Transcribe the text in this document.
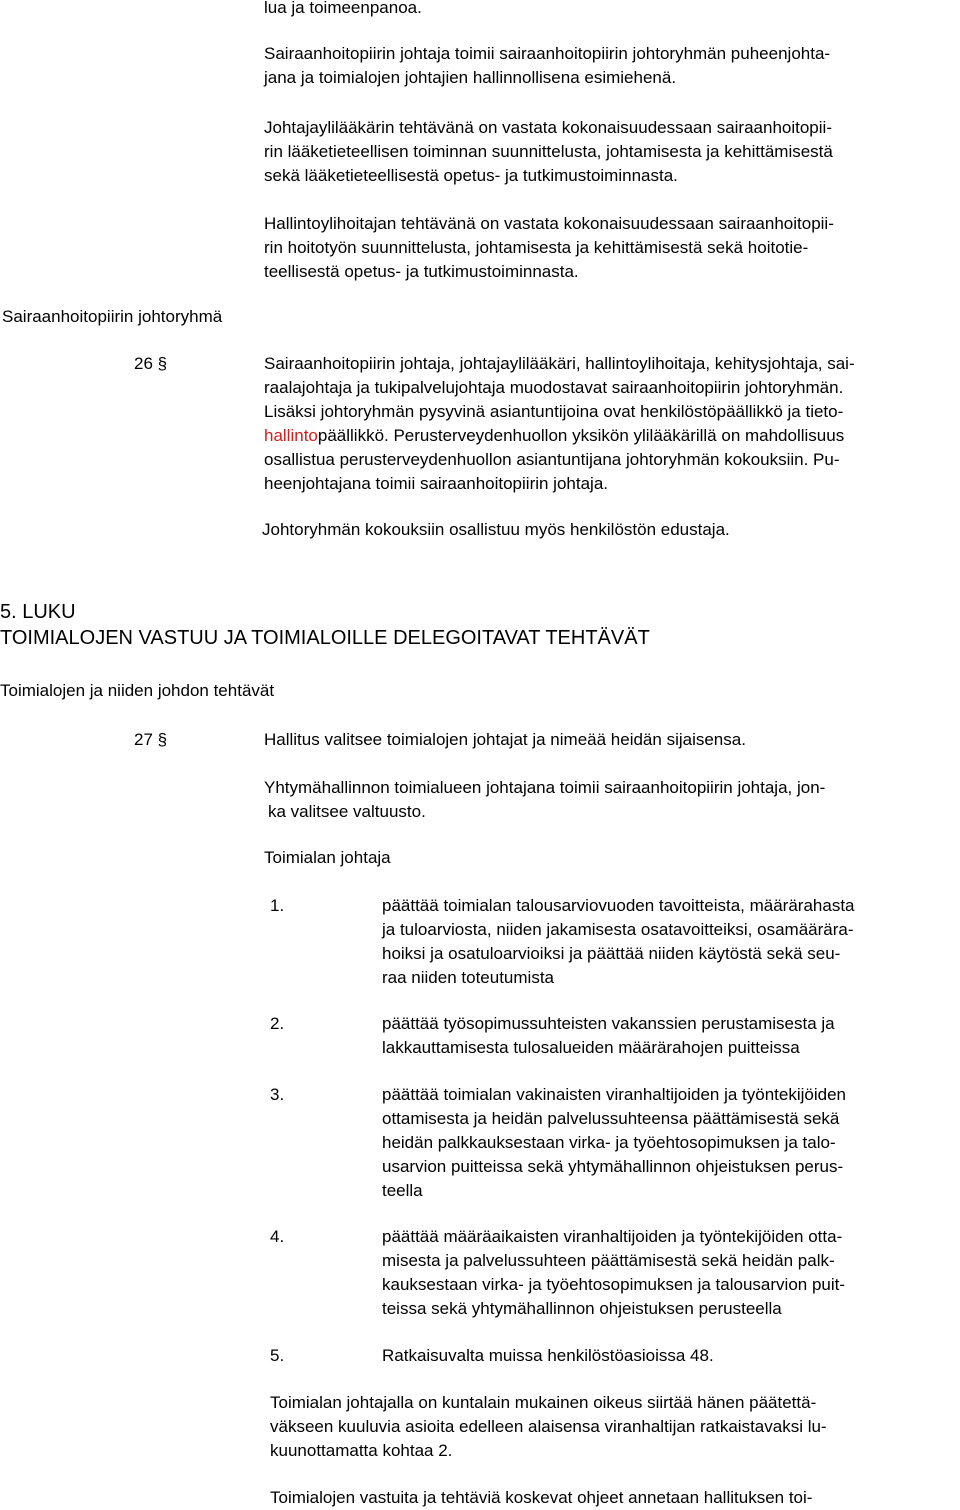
lua ja toimeenpanoa.
Sairaanhoitopiirin johtaja toimii sairaanhoitopiirin johtoryhmän puheenjohta-
jana ja toimialojen johtajien hallinnollisena esimiehenä.
Johtajaylilääkärin tehtävänä on vastata kokonaisuudessaan sairaanhoitopii-
rin lääketieteellisen toiminnan suunnittelusta, johtamisesta ja kehittämisestä
sekä lääketieteellisestä opetus- ja tutkimustoiminnasta.
Hallintoylihoitajan tehtävänä on vastata kokonaisuudessaan sairaanhoitopii-
rin hoitotyön suunnittelusta, johtamisesta ja kehittämisestä sekä hoitotie-
teellisestä opetus- ja tutkimustoiminnasta.
Sairaanhoitopiirin johtoryhmä
26 §	Sairaanhoitopiirin johtaja, johtajaylilääkäri, hallintoylihoitaja, kehitysjohtaja, sai-
raalajohtaja ja tukipalvelujohtaja muodostavat sairaanhoitopiirin johtoryhmän.
Lisäksi johtoryhmän pysyvinä asiantuntijoina ovat henkilöstöpäällikkö ja tieto-
hallintopäällikkö. Perusterveydenhuollon yksikön ylilääkärillä on mahdollisuus
osallistua perusterveydenhuollon asiantuntijana johtoryhmän kokouksiin. Pu-
heenjohtajana toimii sairaanhoitopiirin johtaja.
Johtoryhmän kokouksiin osallistuu myös henkilöstön edustaja.
5. LUKU
TOIMIALOJEN VASTUU JA TOIMIALOILLE DELEGOITAVAT TEHTÄVÄT
Toimialojen ja niiden johdon tehtävät
27 §	Hallitus valitsee toimialojen johtajat ja nimeää heidän sijaisensa.
Yhtymähallinnon toimialueen johtajana toimii sairaanhoitopiirin johtaja, jon-
ka valitsee valtuusto.
Toimialan johtaja
1.	päättää toimialan talousarviovuoden tavoitteista, määrärahasta
ja tuloarviosta, niiden jakamisesta osatavoitteiksi, osamäärära-
hoiksi ja osatuloarvioiksi ja päättää niiden käytöstä sekä seu-
raa niiden toteutumista
2.	päättää työsopimussuhteisten vakanssien perustamisesta ja
lakkauttamisesta tulosalueiden määrärahojen puitteissa
3.	päättää toimialan vakinaisten viranhaltijoiden ja työntekijöiden
ottamisesta ja heidän palvelussuhteensa päättämisestä sekä
heidän palkkauksestaan virka- ja työehtosopimuksen ja talo-
usarvion puitteissa sekä yhtymähallinnon ohjeistuksen perus-
teella
4.	päättää määräaikaisten viranhaltijoiden ja työntekijöiden otta-
misesta ja palvelussuhteen päättämisestä sekä heidän palk-
kauksestaan virka- ja työehtosopimuksen ja talousarvion puit-
teissa sekä yhtymähallinnon ohjeistuksen perusteella
5.	Ratkaisuvalta muissa henkilöstöasioissa 48.
Toimialan johtajalla on kuntalain mukainen oikeus siirtää hänen päätettä-
väkseen kuuluvia asioita edelleen alaisensa viranhaltijan ratkaistavaksi lu-
kuunottamatta kohtaa 2.
Toimialojen vastuita ja tehtäviä koskevat ohjeet annetaan hallituksen toi-
